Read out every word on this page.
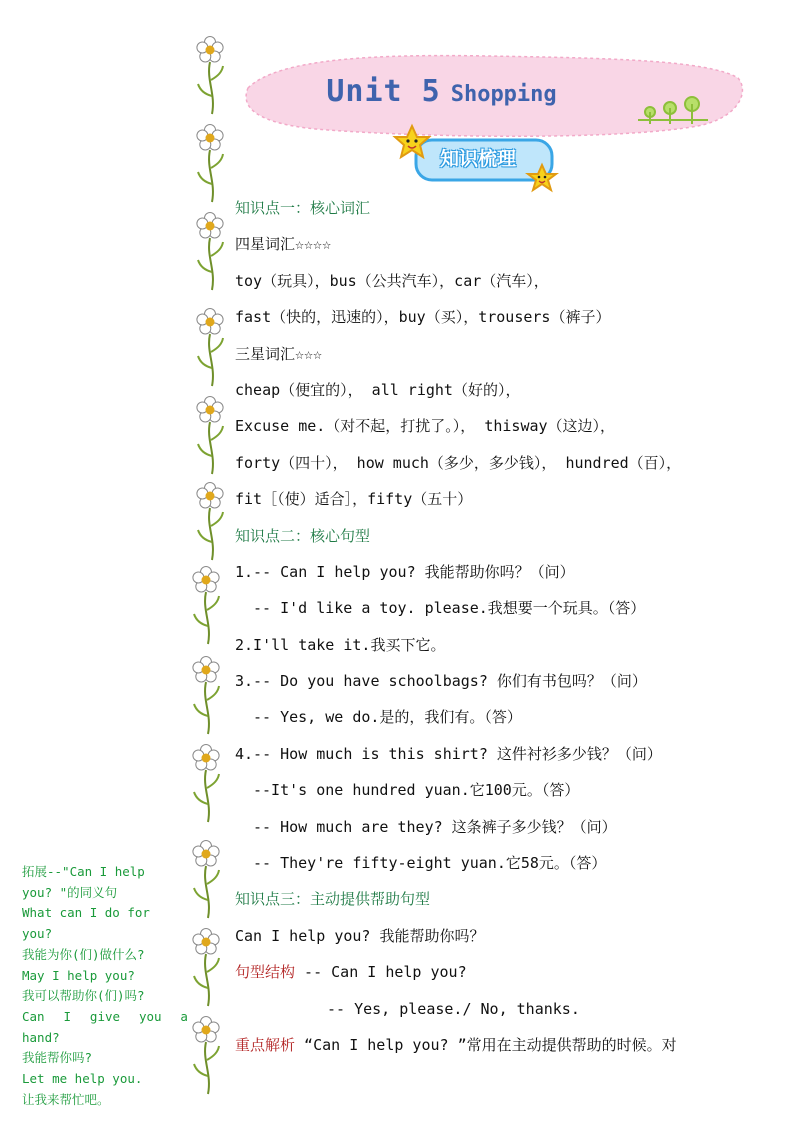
Unit 5 Shopping
知识梳理
知识点一：核心词汇
四星词汇☆☆☆☆
toy（玩具），bus（公共汽车），car（汽车），
fast（快的，迅速的），buy（买），trousers（裤子）
三星词汇☆☆☆
cheap（便宜的）， all right（好的），
Excuse me.（对不起，打扰了。）， thisway（这边），
forty（四十）， how much（多少，多少钱）， hundred（百），
fit［（使）适合］，fifty（五十）
知识点二：核心句型
1.-- Can I help you? 我能帮助你吗？（问）
-- I'd like a toy. please.我想要一个玩具。（答）
2.I'll take it.我买下它。
3.-- Do you have schoolbags? 你们有书包吗？（问）
-- Yes, we do.是的，我们有。（答）
4.-- How much is this shirt? 这件衬衫多少钱？（问）
--It's one hundred yuan.它100元。（答）
-- How much are they? 这条裤子多少钱？（问）
-- They're fifty-eight yuan.它58元。（答）
知识点三：主动提供帮助句型
Can I help you? 我能帮助你吗？
句型结构 -- Can I help you?
-- Yes, please./ No, thanks.
重点解析 “Can I help you? ”常用在主动提供帮助的时候。对
拓展--"Can I help
you? "的同义句
What can I do for
you?
我能为你(们)做什么?
May I help you?
我可以帮助你(们)吗?
Can I give you a
hand?
我能帮你吗?
Let me help you.
让我来帮忙吧。
